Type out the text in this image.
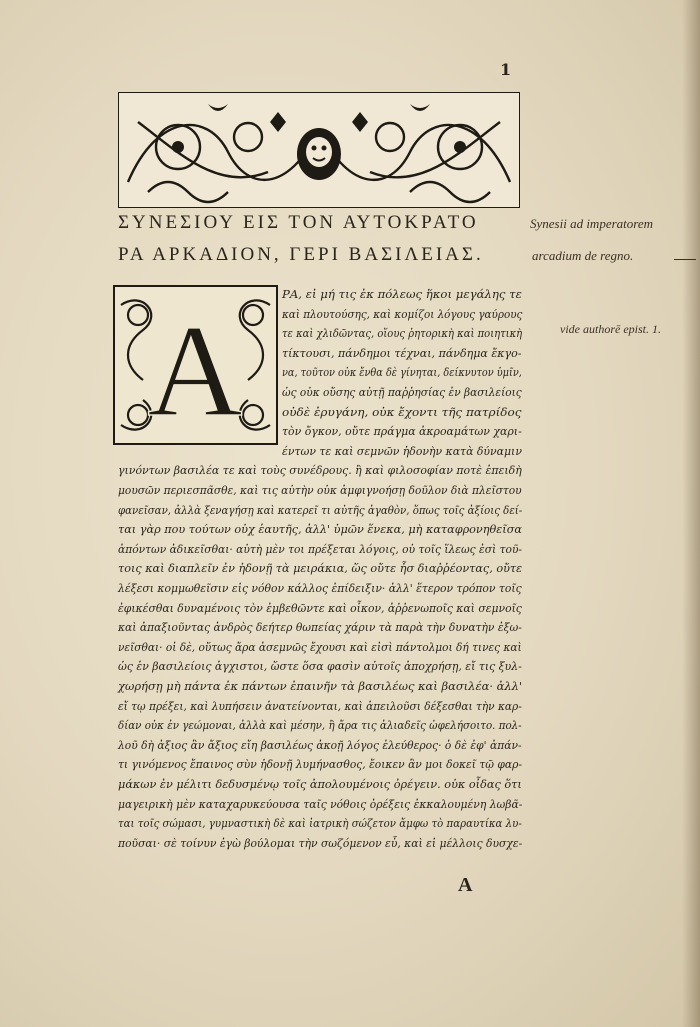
1
ΣΥΝΕΣΙΟΥ ΕΙΣ ΤΟΝ ΑΥΤΟΚΡΑΤΟ
ΡΑ ΑΡΚΑΔΙΟΝ, ΓΕΡΙ ΒΑΣΙΛΕΙΑΣ.
Synesii ad imperatorem
arcadium de regno.
vide authorē epist. 1.
Α
ΡΑ, εἰ μή τις ἐκ πόλεως ἥκοι μεγάλης τε
καὶ πλουτούσης, καὶ κομίζοι λόγους γαύρους
τε καὶ χλιδῶντας, οἵους ῥητορικὴ καὶ ποιητικὴ
τίκτουσι, πάνδημοι τέχναι, πάνδημα ἔκγο-
να, τοῦτον οὐκ ἔνθα δὲ γίνηται, δείκνυτον ὑμῖν,
ὡς οὐκ οὔσης αὐτῇ παῤῥησίας ἐν βασιλείοις
οὐδὲ ἐρυγάνη, οὐκ ἔχοντι τῆς πατρίδος
τὸν ὄγκον, οὔτε πράγμα ἀκροαμάτων χαρι-
έντων τε καὶ σεμνῶν ἡδονὴν κατὰ δύναμιν
γινόντων βασιλέα τε καὶ τοὺς συνέδρους. ἢ καὶ φιλοσοφίαν ποτὲ ἐπειδὴ
μουσῶν περιεσπᾶσθε, καὶ τις αὐτὴν οὐκ ἀμφιγνοήσῃ δοῦλον διὰ πλεῖστου
φανεῖσαν, ἀλλὰ ξεναγήσῃ καὶ κατερεῖ τι αὐτῆς ἀγαθὸν, ὅπως τοῖς ἀξίοις δεί-
ται γὰρ που τούτων οὐχ ἑαυτῆς, ἀλλ' ὑμῶν ἕνεκα, μὴ καταφρονηθεῖσα
ἀπόντων ἀδικεῖσθαι· αὐτὴ μὲν τοι πρέξεται λόγοις, οὐ τοῖς ἵλεως ἐσὶ τοῦ-
τοις καὶ διαπλεῖν ἐν ἡδονῇ τὰ μειράκια, ὥς οὔτε ἦσ διαῤῥέοντας, οὔτε
λέξεσι κομμωθεῖσιν εἰς νόθον κάλλος ἐπίδειξιν· ἀλλ' ἕτερον τρόπον τοῖς
ἐφικέσθαι δυναμένοις τὸν ἐμβεθῶντε καὶ οἶκον, ἀῤῥενωποῖς καὶ σεμνοῖς
καὶ ἀπαξιοῦντας ἀνδρὸς δεήτερ θωπείας χάριν τὰ παρὰ τὴν δυνατὴν ἐξω-
νεῖσθαι· οἱ δὲ, οὕτως ἄρα ἀσεμνῶς ἔχουσι καὶ εἰσὶ πάντολμοι δή τινες καὶ
ὡς ἐν βασιλείοις ἀγχιστοι, ὥστε ὅσα φασὶν αὐτοῖς ἀποχρήσῃ, εἴ τις ξυλ-
χωρήσῃ μὴ πάντα ἐκ πάντων ἐπαινῆν τὰ βασιλέως καὶ βασιλέα· ἀλλ'
εἴ τῳ πρέξει, καὶ λυπήσειν ἀνατείνονται, καὶ ἀπειλοῦσι δέξεσθαι τὴν καρ-
δίαν οὐκ ἐν γεώμοναι, ἀλλὰ καὶ μέσην, ἢ ἄρα τις ἀλιαδεῖς ὠφελήσοιτο. πολ-
λοῦ δὴ ἀξιος ἂν ἄξιος εἴη βασιλέως ἀκοῇ λόγος ἐλεύθερος· ὁ δὲ ἐφ' ἀπάν-
τι γινόμενος ἔπαινος σὺν ἡδονῇ λυμήνασθος, ἔοικεν ἂν μοι δοκεῖ τῷ φαρ-
μάκων ἐν μέλιτι δεδυσμένῳ τοῖς ἀπολουμένοις ὀρέγειν. οὐκ οἶδας ὅτι
μαγειρικὴ μὲν καταχαρυκεύουσα ταῖς νόθοις ὀρέξεις ἐκκαλουμένη λωβᾶ-
ται τοῖς σώμασι, γυμναστικὴ δὲ καὶ ἰατρικὴ σώζετον ἄμφω τὸ παραυτίκα λυ-
ποῦσαι· σὲ τοίνυν ἐγὼ βούλομαι τὴν σωζόμενον εὖ, καὶ εἰ μέλλοις δυσχε-
A
